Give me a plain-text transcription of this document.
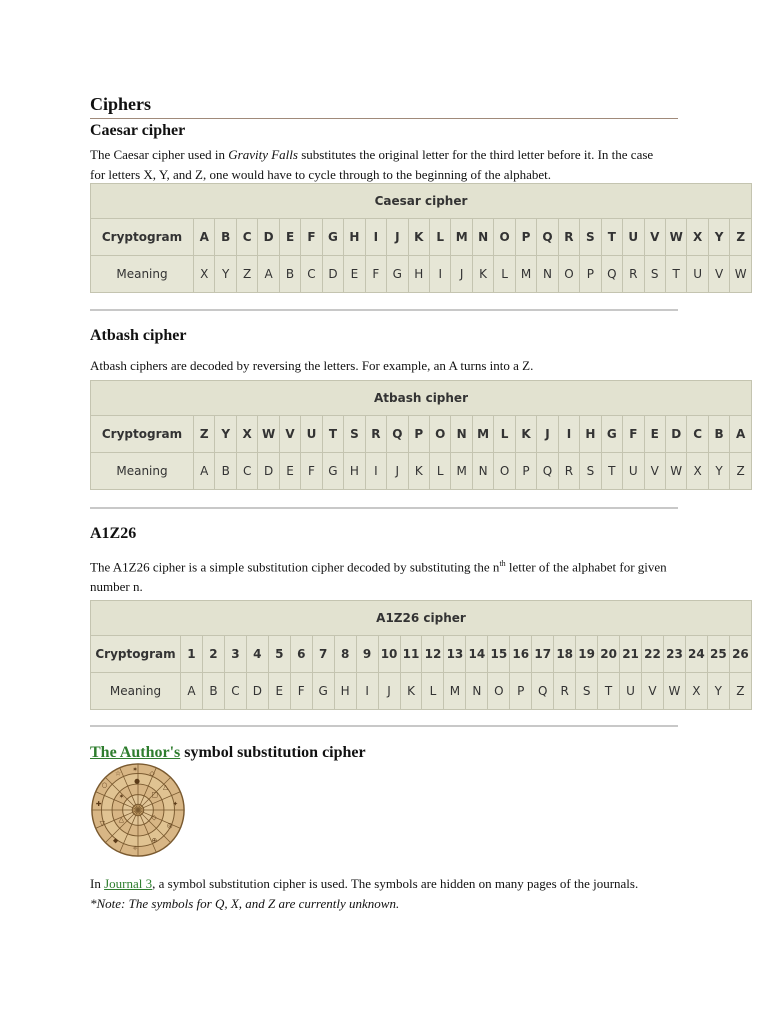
Ciphers
Caesar cipher
The Caesar cipher used in Gravity Falls substitutes the original letter for the third letter before it. In the case
for letters X, Y, and Z, one would have to cycle through to the beginning of the alphabet.
Caesar cipher																										
Cryptogram	A	B	C	D	E	F	G	H	I	J	K	L	M	N	O	P	Q	R	S	T	U	V	W	X	Y	Z
Meaning	X	Y	Z	A	B	C	D	E	F	G	H	I	J	K	L	M	N	O	P	Q	R	S	T	U	V	W
Atbash cipher
Atbash ciphers are decoded by reversing the letters. For example, an A turns into a Z.
Atbash cipher																										
Cryptogram	Z	Y	X	W	V	U	T	S	R	Q	P	O	N	M	L	K	J	I	H	G	F	E	D	C	B	A
Meaning	A	B	C	D	E	F	G	H	I	J	K	L	M	N	O	P	Q	R	S	T	U	V	W	X	Y	Z
A1Z26
The A1Z26 cipher is a simple substitution cipher decoded by substituting the $n^{th}$ letter of the alphabet for given
number n.
A1Z26 cipher																										
Cryptogram	1	2	3	4	5	6	7	8	9	10	11	12	13	14	15	16	17	18	19	20	21	22	23	24	25	26
Meaning	A	B	C	D	E	F	G	H	I	J	K	L	M	N	O	P	Q	R	S	T	U	V	W	X	Y	Z
The Author's symbol substitution cipher
✶ ◇
△
✦
◎
⊕
✧
◆
▽
✚
○
☆
●
□
◇
△
✶
In Journal 3, a symbol substitution cipher is used. The symbols are hidden on many pages of the journals.
*Note: The symbols for Q, X, and Z are currently unknown.
